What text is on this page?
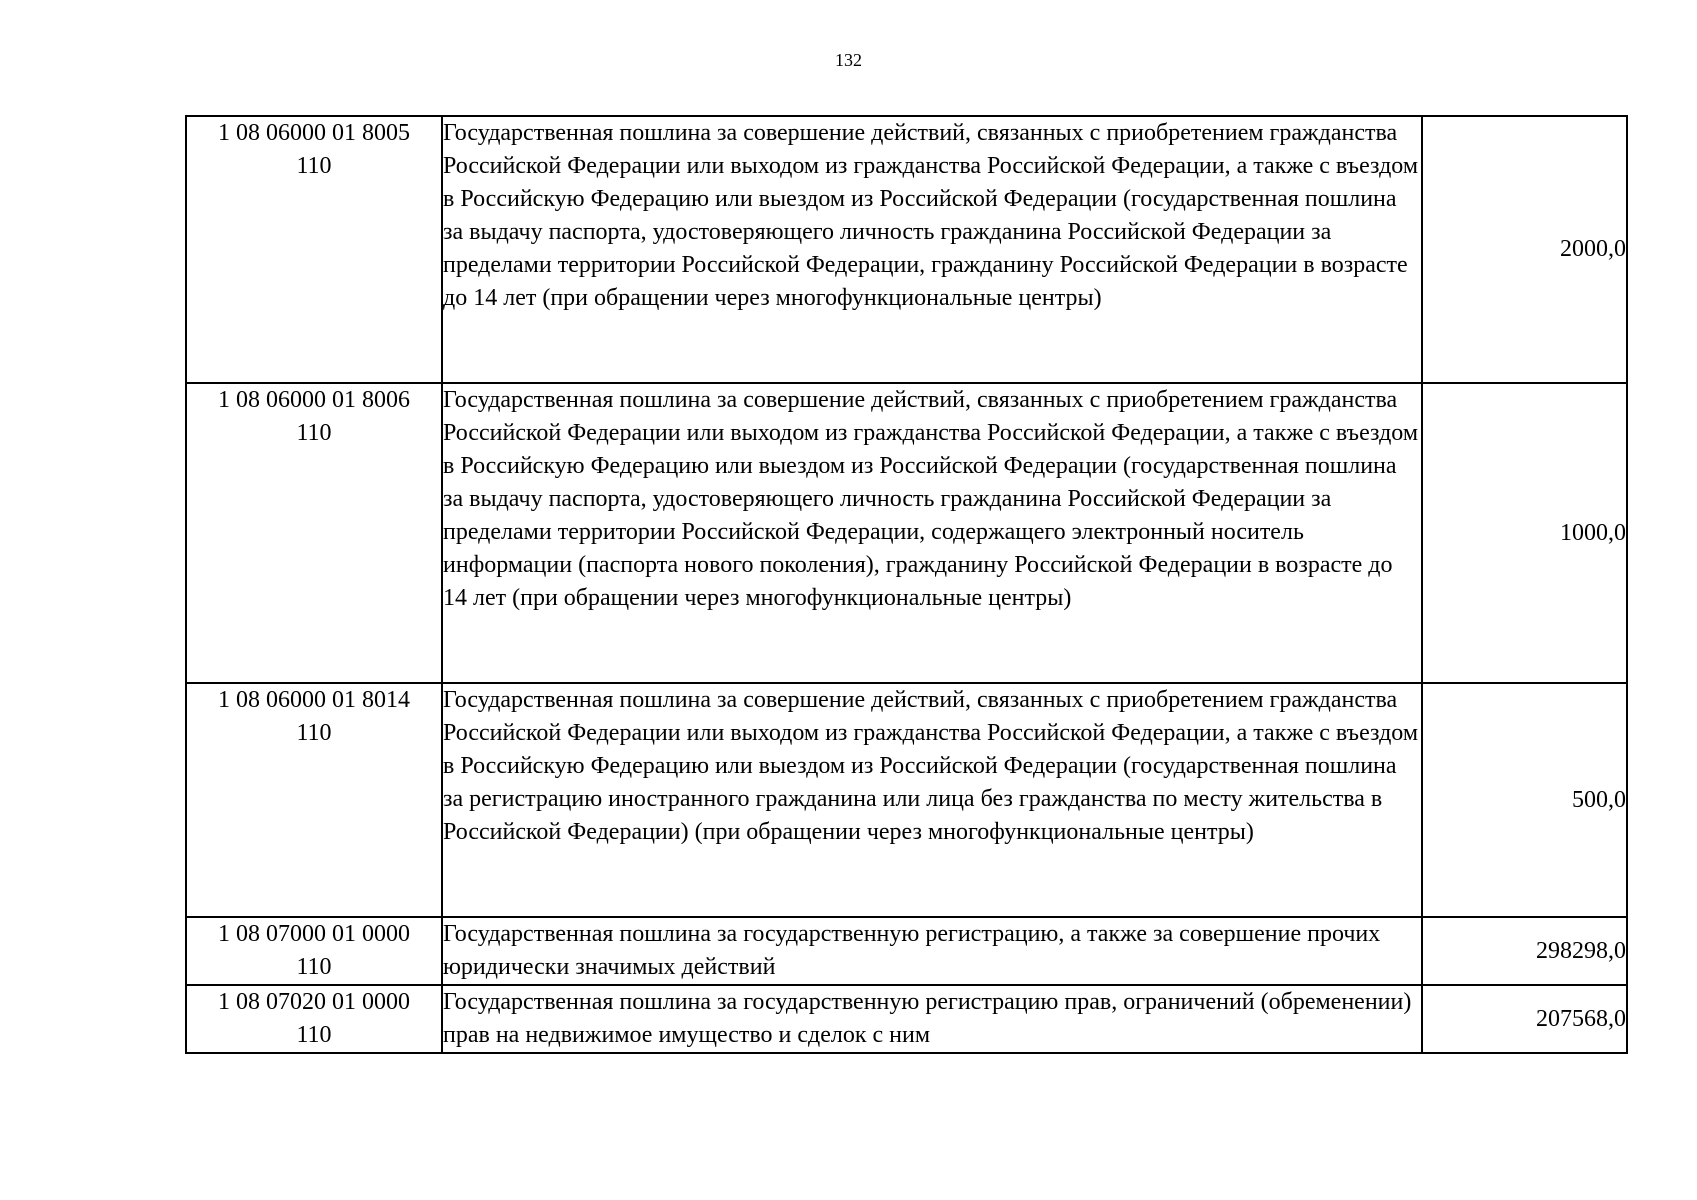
132
1 08 06000 01 8005
110	Государственная пошлина за совершение действий, связанных с приобретением гражданства Российской Федерации или выходом из гражданства Российской Федерации, а также с въездом в Российскую Федерацию или выездом из Российской Федерации (государственная пошлина за выдачу паспорта, удостоверяющего личность гражданина Российской Федерации за пределами территории Российской Федерации, гражданину Российской Федерации в возрасте до 14 лет (при обращении через многофункциональные центры)	2000,0

1 08 06000 01 8006
110	Государственная пошлина за совершение действий, связанных с приобретением гражданства Российской Федерации или выходом из гражданства Российской Федерации, а также с въездом в Российскую Федерацию или выездом из Российской Федерации (государственная пошлина за выдачу паспорта, удостоверяющего личность гражданина Российской Федерации за пределами территории Российской Федерации, содержащего электронный носитель информации (паспорта нового поколения), гражданину Российской Федерации в возрасте до 14 лет (при обращении через многофункциональные центры)	1000,0

1 08 06000 01 8014
110	Государственная пошлина за совершение действий, связанных с приобретением гражданства Российской Федерации или выходом из гражданства Российской Федерации, а также с въездом в Российскую Федерацию или выездом из Российской Федерации (государственная пошлина за регистрацию иностранного гражданина или лица без гражданства по месту жительства в Российской Федерации) (при обращении через многофункциональные центры)	500,0

1 08 07000 01 0000
110	Государственная пошлина за государственную регистрацию, а также за совершение прочих юридически значимых действий	298298,0

1 08 07020 01 0000
110	Государственная пошлина за государственную регистрацию прав, ограничений (обременении) прав на недвижимое имущество и сделок с ним	207568,0
